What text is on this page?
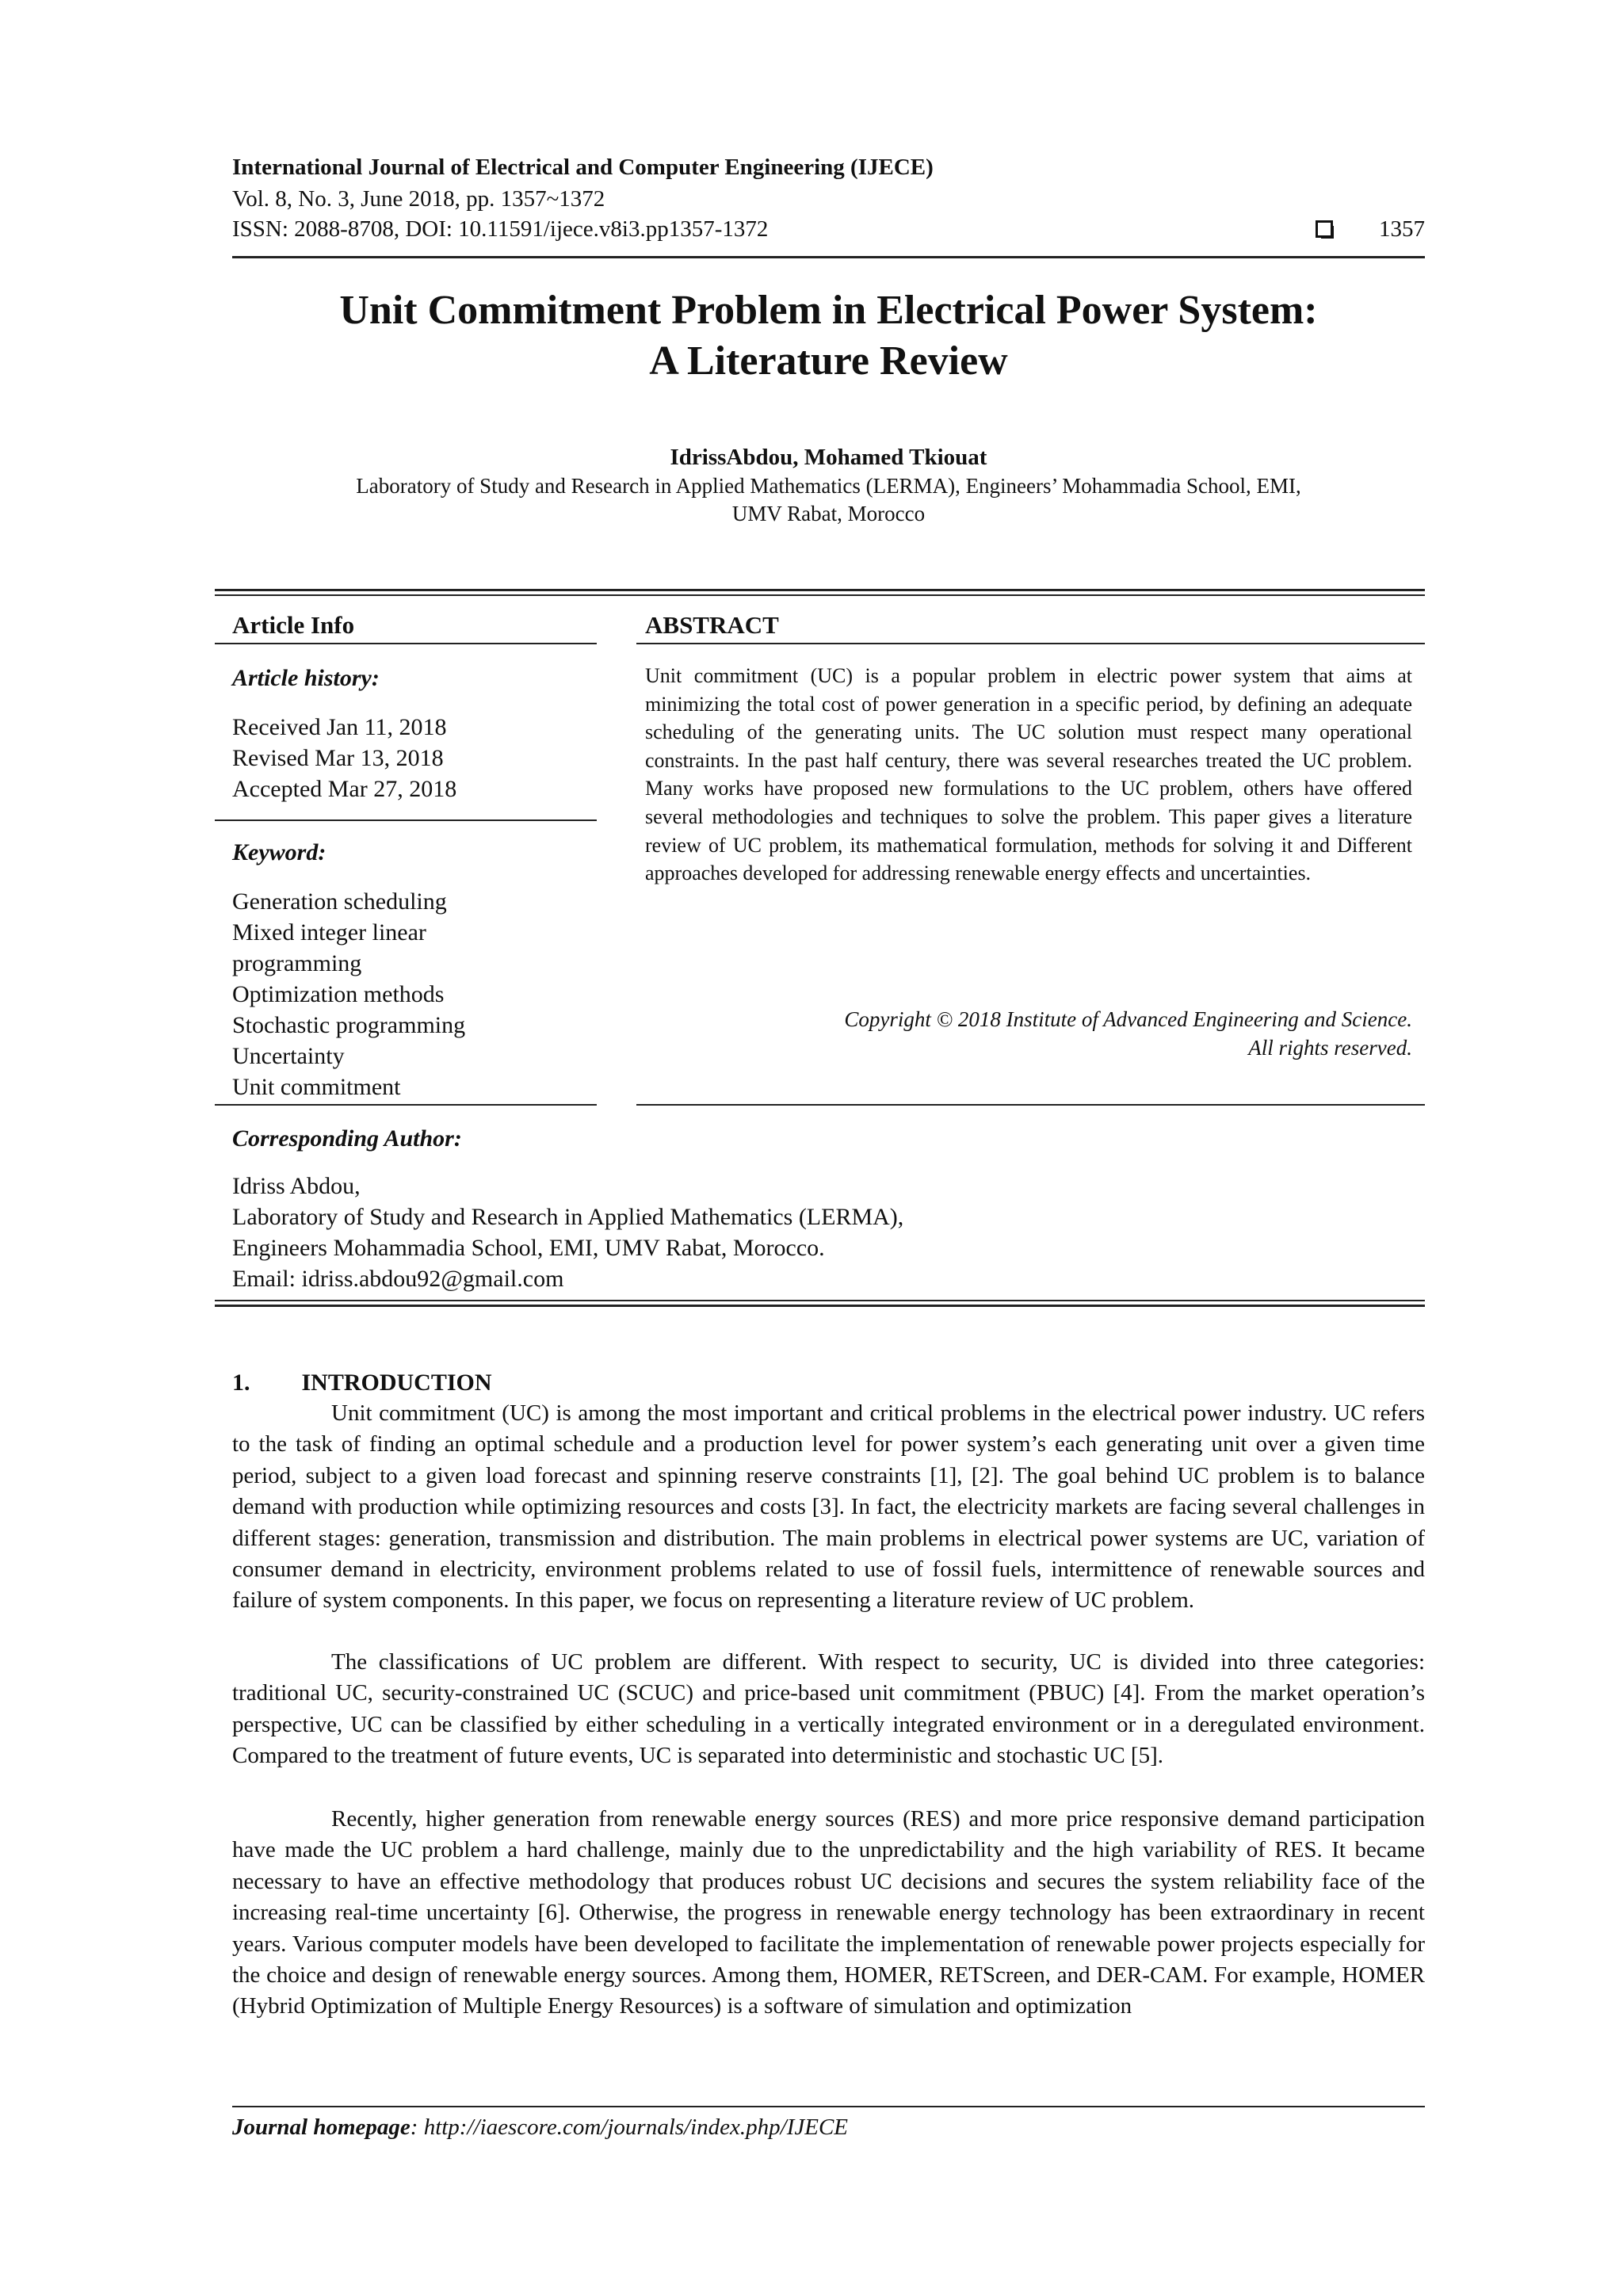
International Journal of Electrical and Computer Engineering (IJECE)
Vol. 8, No. 3, June 2018, pp. 1357~1372
ISSN: 2088-8708, DOI: 10.11591/ijece.v8i3.pp1357-1372	1357
Unit Commitment Problem in Electrical Power System:
A Literature Review
IdrissAbdou, Mohamed Tkiouat
Laboratory of Study and Research in Applied Mathematics (LERMA), Engineers’ Mohammadia School, EMI,
UMV Rabat, Morocco
Article Info
Article history:
Received Jan 11, 2018
Revised Mar 13, 2018
Accepted Mar 27, 2018
Keyword:
Generation scheduling
Mixed integer linear
programming
Optimization methods
Stochastic programming
Uncertainty
Unit commitment
ABSTRACT
Unit commitment (UC) is a popular problem in electric power system that aims at minimizing the total cost of power generation in a specific period, by defining an adequate scheduling of the generating units. The UC solution must respect many operational constraints. In the past half century, there was several researches treated the UC problem. Many works have proposed new formulations to the UC problem, others have offered several methodologies and techniques to solve the problem. This paper gives a literature review of UC problem, its mathematical formulation, methods for solving it and Different approaches developed for addressing renewable energy effects and uncertainties.
Copyright © 2018 Institute of Advanced Engineering and Science.
All rights reserved.
Corresponding Author:
Idriss Abdou,
Laboratory of Study and Research in Applied Mathematics (LERMA),
Engineers Mohammadia School, EMI, UMV Rabat, Morocco.
Email: idriss.abdou92@gmail.com
1. INTRODUCTION

Unit commitment (UC) is among the most important and critical problems in the electrical power industry. UC refers to the task of finding an optimal schedule and a production level for power system’s each generating unit over a given time period, subject to a given load forecast and spinning reserve constraints [1], [2]. The goal behind UC problem is to balance demand with production while optimizing resources and costs [3]. In fact, the electricity markets are facing several challenges in different stages: generation, transmission and distribution. The main problems in electrical power systems are UC, variation of consumer demand in electricity, environment problems related to use of fossil fuels, intermittence of renewable sources and failure of system components. In this paper, we focus on representing a literature review of UC problem.

The classifications of UC problem are different. With respect to security, UC is divided into three categories: traditional UC, security-constrained UC (SCUC) and price-based unit commitment (PBUC) [4]. From the market operation’s perspective, UC can be classified by either scheduling in a vertically integrated environment or in a deregulated environment. Compared to the treatment of future events, UC is separated into deterministic and stochastic UC [5].

Recently, higher generation from renewable energy sources (RES) and more price responsive demand participation have made the UC problem a hard challenge, mainly due to the unpredictability and the high variability of RES. It became necessary to have an effective methodology that produces robust UC decisions and secures the system reliability face of the increasing real-time uncertainty [6]. Otherwise, the progress in renewable energy technology has been extraordinary in recent years. Various computer models have been developed to facilitate the implementation of renewable power projects especially for the choice and design of renewable energy sources. Among them, HOMER, RETScreen, and DER-CAM. For example, HOMER (Hybrid Optimization of Multiple Energy Resources) is a software of simulation and optimization

Journal homepage: http://iaescore.com/journals/index.php/IJECE
